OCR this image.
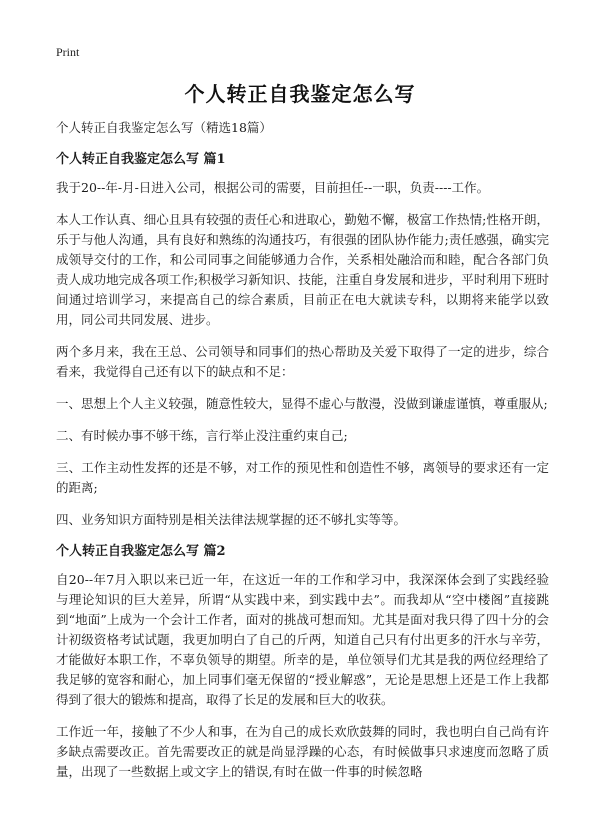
Print
个人转正自我鉴定怎么写

个人转正自我鉴定怎么写（精选18篇）

个人转正自我鉴定怎么写 篇1

我于20--年-月-日进入公司，根据公司的需要，目前担任--一职，负责----工作。

本人工作认真、细心且具有较强的责任心和进取心，勤勉不懈，极富工作热情;性格开朗，乐于与他人沟通，具有良好和熟练的沟通技巧，有很强的团队协作能力;责任感强，确实完成领导交付的工作，和公司同事之间能够通力合作，关系相处融洽而和睦，配合各部门负责人成功地完成各项工作;积极学习新知识、技能，注重自身发展和进步，平时利用下班时间通过培训学习，来提高自己的综合素质，目前正在电大就读专科，以期将来能学以致用，同公司共同发展、进步。

两个多月来，我在王总、公司领导和同事们的热心帮助及关爱下取得了一定的进步，综合看来，我觉得自己还有以下的缺点和不足：

一、思想上个人主义较强，随意性较大，显得不虚心与散漫，没做到谦虚谨慎，尊重服从;

二、有时候办事不够干练，言行举止没注重约束自己;

三、工作主动性发挥的还是不够，对工作的预见性和创造性不够，离领导的要求还有一定的距离;

四、业务知识方面特别是相关法律法规掌握的还不够扎实等等。

个人转正自我鉴定怎么写 篇2

自20--年7月入职以来已近一年，在这近一年的工作和学习中，我深深体会到了实践经验与理论知识的巨大差异，所谓“从实践中来，到实践中去”。而我却从“空中楼阁”直接跳到“地面”上成为一个会计工作者，面对的挑战可想而知。尤其是面对我只得了四十分的会计初级资格考试试题，我更加明白了自己的斤两，知道自己只有付出更多的汗水与辛劳，才能做好本职工作，不辜负领导的期望。所幸的是，单位领导们尤其是我的两位经理给了我足够的宽容和耐心，加上同事们毫无保留的“授业解惑”，无论是思想上还是工作上我都得到了很大的锻炼和提高，取得了长足的发展和巨大的收获。

工作近一年，接触了不少人和事，在为自己的成长欢欣鼓舞的同时，我也明白自己尚有许多缺点需要改正。首先需要改正的就是尚显浮躁的心态，有时候做事只求速度而忽略了质量，出现了一些数据上或文字上的错误,有时在做一件事的时候忽略
